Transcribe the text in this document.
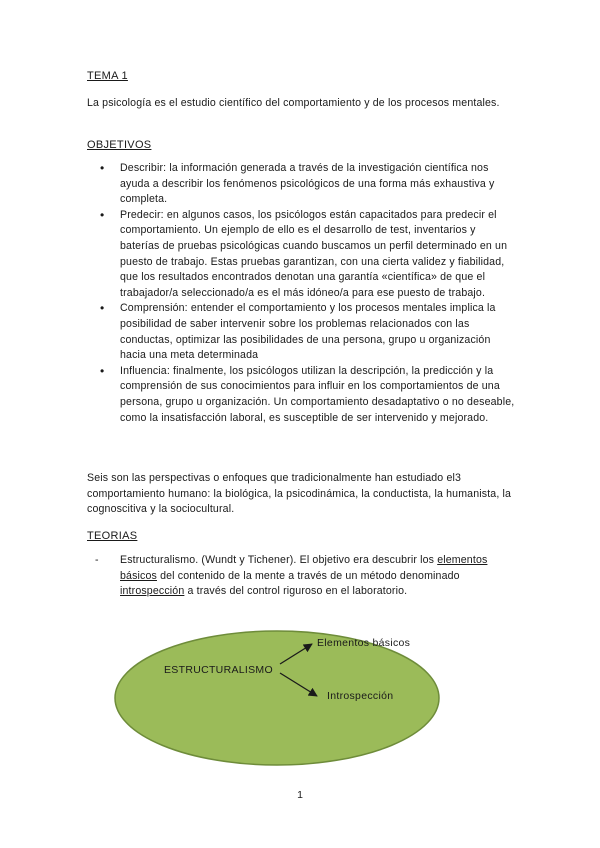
TEMA 1
La psicología es el estudio científico del comportamiento y de los procesos mentales.
OBJETIVOS
• Describir: la información generada a través de la investigación científica nos ayuda a describir los fenómenos psicológicos de una forma más exhaustiva y completa.
• Predecir: en algunos casos, los psicólogos están capacitados para predecir el comportamiento. Un ejemplo de ello es el desarrollo de test, inventarios y baterías de pruebas psicológicas cuando buscamos un perfil determinado en un puesto de trabajo. Estas pruebas garantizan, con una cierta validez y fiabilidad, que los resultados encontrados denotan una garantía «científica» de que el trabajador/a seleccionado/a es el más idóneo/a para ese puesto de trabajo.
• Comprensión: entender el comportamiento y los procesos mentales implica la posibilidad de saber intervenir sobre los problemas relacionados con las conductas, optimizar las posibilidades de una persona, grupo u organización hacia una meta determinada
• Influencia: finalmente, los psicólogos utilizan la descripción, la predicción y la comprensión de sus conocimientos para influir en los comportamientos de una persona, grupo u organización. Un comportamiento desadaptativo o no deseable, como la insatisfacción laboral, es susceptible de ser intervenido y mejorado.
Seis son las perspectivas o enfoques que tradicionalmente han estudiado el3 comportamiento humano: la biológica, la psicodinámica, la conductista, la humanista, la cognoscitiva y la sociocultural.
TEORIAS
- Estructuralismo. (Wundt y Tichener). El objetivo era descubrir los elementos básicos del contenido de la mente a través de un método denominado introspección a través del control riguroso en el laboratorio.
ESTRUCTURALISMO
Elementos básicos
Introspección
1
